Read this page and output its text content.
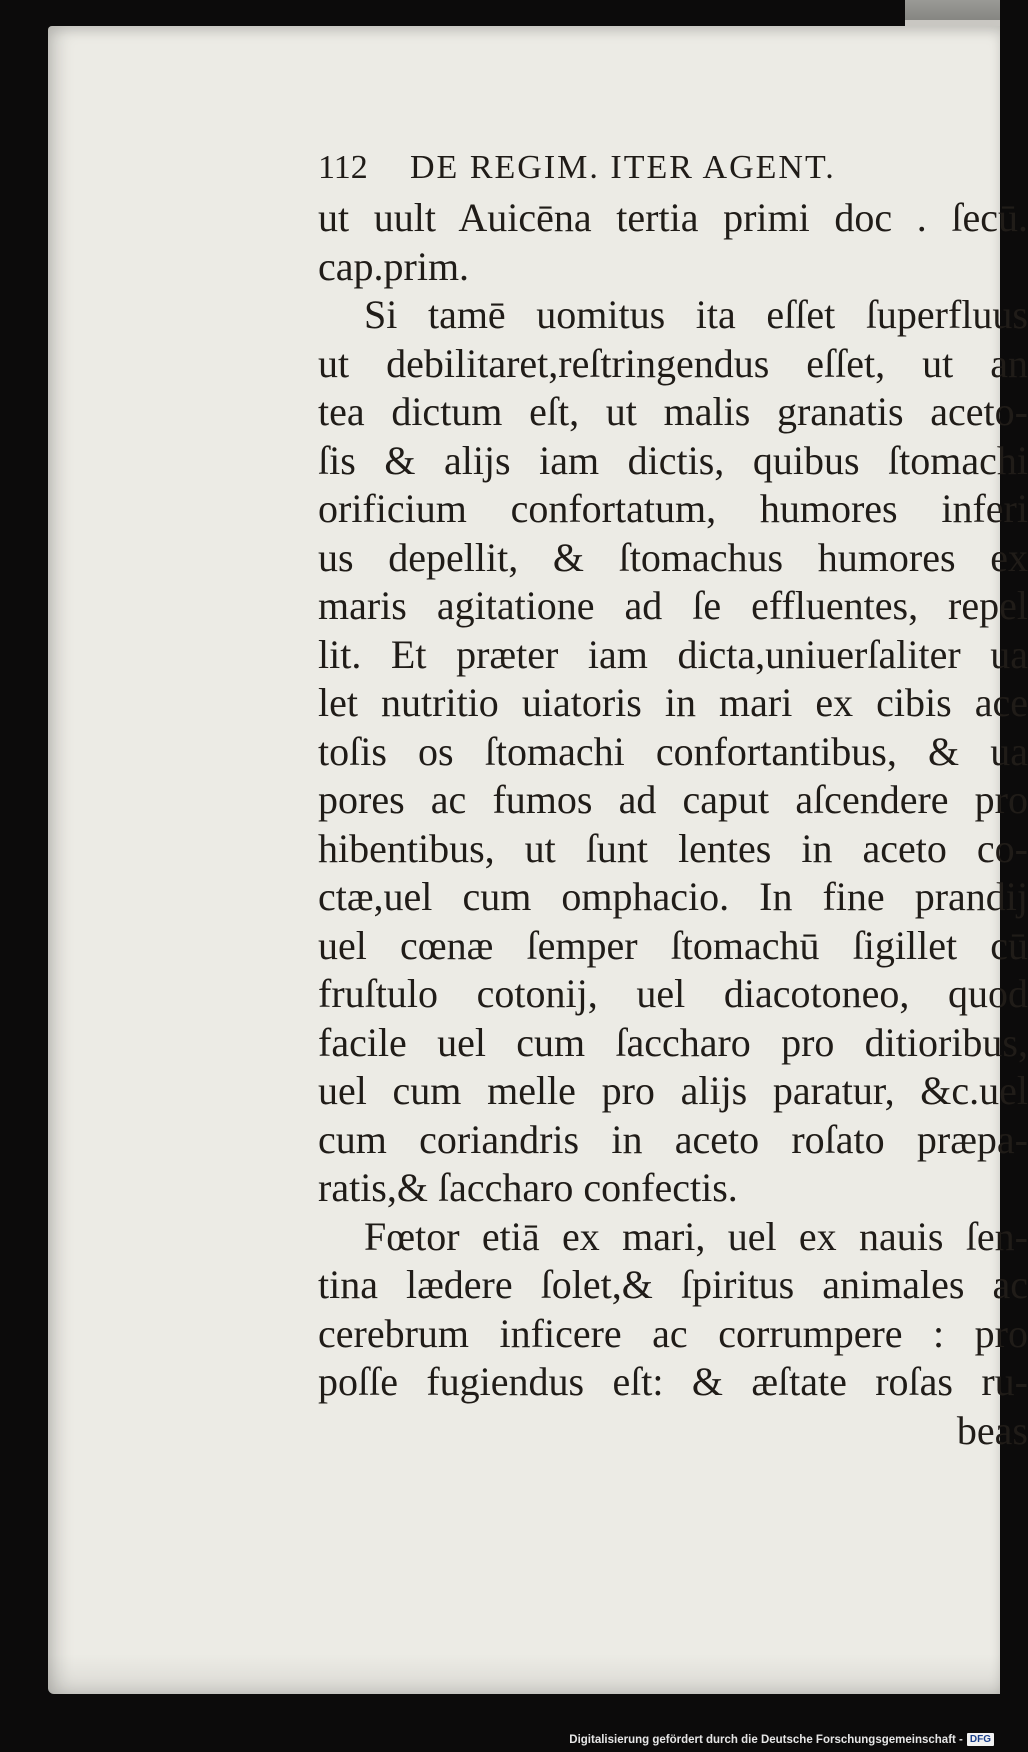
112 DE REGIM. ITER AGENT.
ut uult Auicēna tertia primi doc . ſecū.
cap.prim.
Si tamē uomitus ita eſſet ſuperfluus
ut debilitaret,reſtringendus eſſet, ut an
tea dictum eſt, ut malis granatis aceto-
ſis & aliјs iam dictis, quibus ſtomachi
orificium confortatum, humores inferi
us depellit, & ſtomachus humores ex
maris agitatione ad ſe effluentes, repel
lit. Et præter iam dicta,uniuerſaliter ua
let nutritio uiatoris in mari ex cibis ace
toſis os ſtomachi confortantibus, & ua
pores ac fumos ad caput aſcendere pro
hibentibus, ut ſunt lentes in aceto co-
ctæ,uel cum omphacio. In fine prandiј
uel cœnæ ſemper ſtomachū ſigillet cū
fruſtulo cotoniј, uel diacotoneo, quod
facile uel cum ſaccharo pro ditioribus,
uel cum melle pro aliјs paratur, &c.uel
cum coriandris in aceto roſato præpa-
ratis,& ſaccharo confectis.
Fœtor etiā ex mari, uel ex nauis ſen-
tina lædere ſolet,& ſpiritus animales ac
cerebrum inficere ac corrumpere : pro
poſſe fugiendus eſt: & æſtate roſas ru-
beas
Digitalisierung gefördert durch die Deutsche Forschungsgemeinschaft - DFG
